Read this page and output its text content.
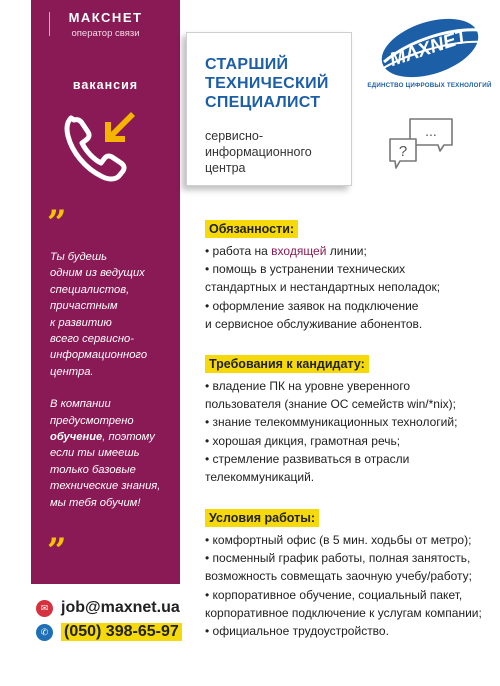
МАКСНЕТ
оператор связи
вакансия
”

Ты будешь
одним из ведущих
специалистов,
причастным
к развитию
всего сервисно-
информационного
центра.

В компании
предусмотрено
обучение, поэтому
если ты имеешь
только базовые
технические знания,
мы тебя обучим!

”
✉ job@maxnet.ua
✆ (050) 398-65-97
СТАРШИЙ
ТЕХНИЧЕСКИЙ
СПЕЦИАЛИСТ
сервисно-
информационного
центра
MAXNET
ЕДИНСТВО ЦИФРОВЫХ ТЕХНОЛОГИЙ
...
?
Обязанности:
• работа на входящей линии;
• помощь в устранении технических
стандартных и нестандартных неполадок;
• оформление заявок на подключение
и сервисное обслуживание абонентов.
Требования к кандидату:
• владение ПК на уровне уверенного
пользователя (знание ОС семейств win/*nix);
• знание телекоммуникационных технологий;
• хорошая дикция, грамотная речь;
• стремление развиваться в отрасли
телекоммуникаций.
Условия работы:
• комфортный офис (в 5 мин. ходьбы от метро);
• посменный график работы, полная занятость,
возможность совмещать заочную учебу/работу;
• корпоративное обучение, социальный пакет,
корпоративное подключение к услугам компании;
• официальное трудоустройство.
